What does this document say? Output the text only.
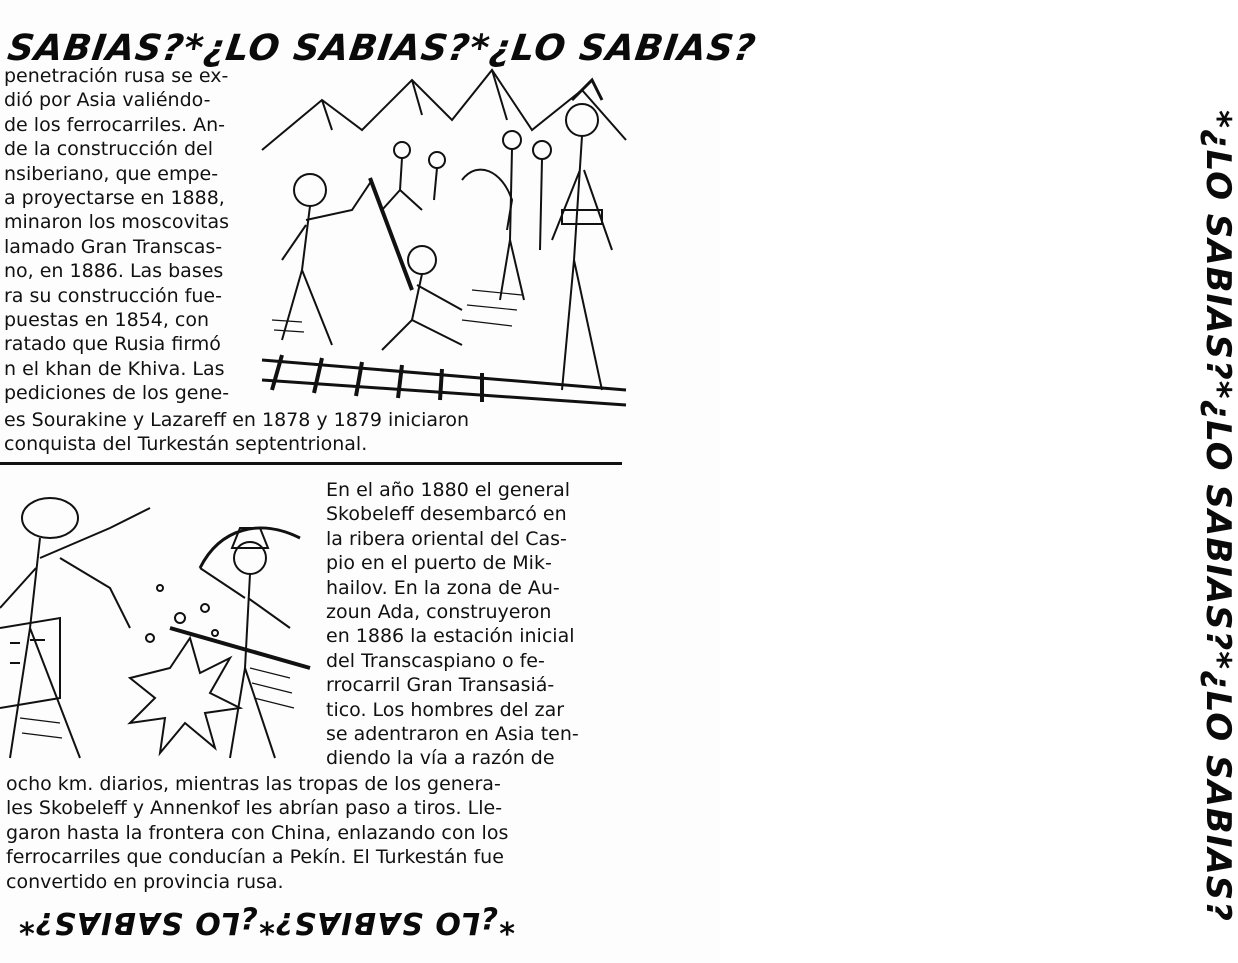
SABIAS?*¿LO SABIAS?*¿LO SABIAS?
*¿LO SABIAS?*¿LO SABIAS?*¿LO SABIAS?
penetración rusa se ex-
dió por Asia valiéndo-
de los ferrocarriles. An-
de la construcción del
nsiberiano, que empe-
a proyectarse en 1888,
minaron los moscovitas
lamado Gran Transcas-
no, en 1886. Las bases
ra su construcción fue-
puestas en 1854, con
ratado que Rusia firmó
n el khan de Khiva. Las
pediciones de los gene-
es Sourakine y Lazareff en 1878 y 1879 iniciaron
conquista del Turkestán septentrional.
En el año 1880 el general
Skobeleff desembarcó en
la ribera oriental del Cas-
pio en el puerto de Mik-
hailov. En la zona de Au-
zoun Ada, construyeron
en 1886 la estación inicial
del Transcaspiano o fe-
rrocarril Gran Transasiá-
tico. Los hombres del zar
se adentraron en Asia ten-
diendo la vía a razón de
ocho km. diarios, mientras las tropas de los genera-
les Skobeleff y Annenkof les abrían paso a tiros. Lle-
garon hasta la frontera con China, enlazando con los
ferrocarriles que conducían a Pekín. El Turkestán fue
convertido en provincia rusa.
*¿LO SABIAS?*¿LO SABIAS?*
